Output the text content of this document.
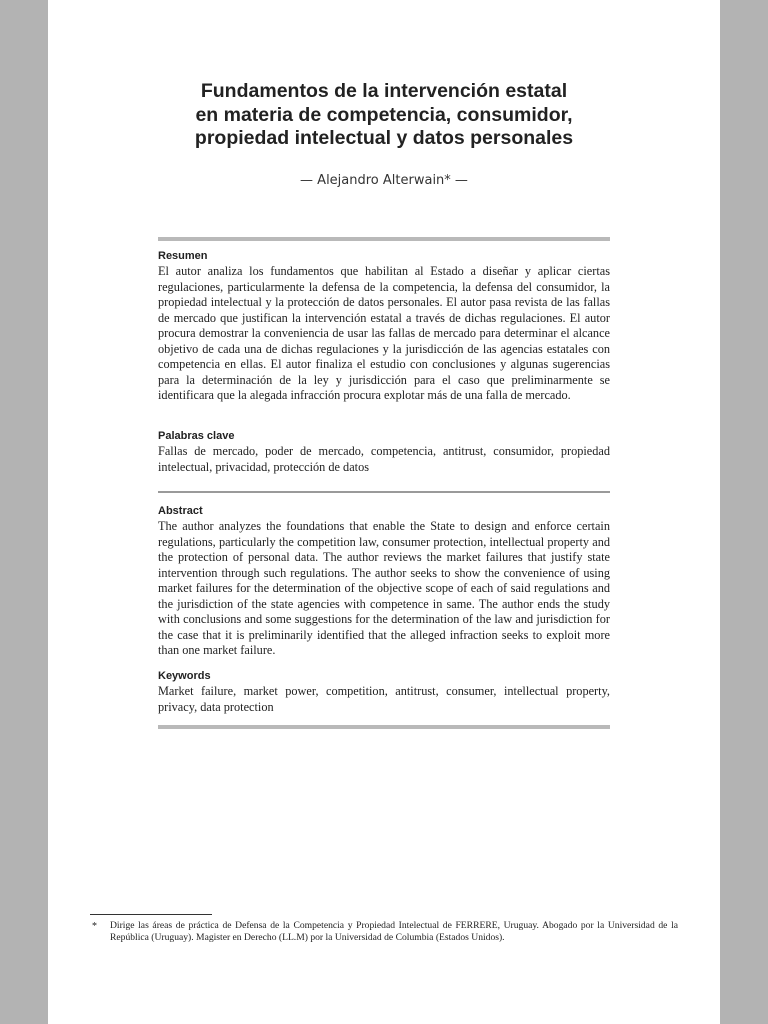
Fundamentos de la intervención estatal
en materia de competencia, consumidor,
propiedad intelectual y datos personales
— Alejandro Alterwain* —

Resumen

El autor analiza los fundamentos que habilitan al Estado a diseñar y aplicar ciertas regulaciones, particularmente la defensa de la competencia, la defensa del consumidor, la propiedad intelectual y la protección de datos personales. El autor pasa revista de las fallas de mercado que justifican la intervención estatal a través de dichas regulaciones. El autor procura demostrar la conveniencia de usar las fallas de mercado para determinar el alcance objetivo de cada una de dichas regulaciones y la jurisdicción de las agencias estatales con competencia en ellas. El autor finaliza el estudio con conclusiones y algunas sugerencias para la determinación de la ley y jurisdicción para el caso que preliminarmente se identificara que la alegada infracción procura explotar más de una falla de mercado.

Palabras clave

Fallas de mercado, poder de mercado, competencia, antitrust, consumidor, propiedad intelectual, privacidad, protección de datos

Abstract

The author analyzes the foundations that enable the State to design and enforce certain regulations, particularly the competition law, consumer protection, intellectual property and the protection of personal data. The author reviews the market failures that justify state intervention through such regulations. The author seeks to show the convenience of using market failures for the determination of the objective scope of each of said regulations and the jurisdiction of the state agencies with competence in same. The author ends the study with conclusions and some suggestions for the determination of the law and jurisdiction for the case that it is preliminarily identified that the alleged infraction seeks to exploit more than one market failure.

Keywords

Market failure, market power, competition, antitrust, consumer, intellectual property, privacy, data protection

* Dirige las áreas de práctica de Defensa de la Competencia y Propiedad Intelectual de FERRERE, Uruguay. Abogado por la Universidad de la República (Uruguay). Magister en Derecho (LL.M) por la Universidad de Columbia (Estados Unidos).
